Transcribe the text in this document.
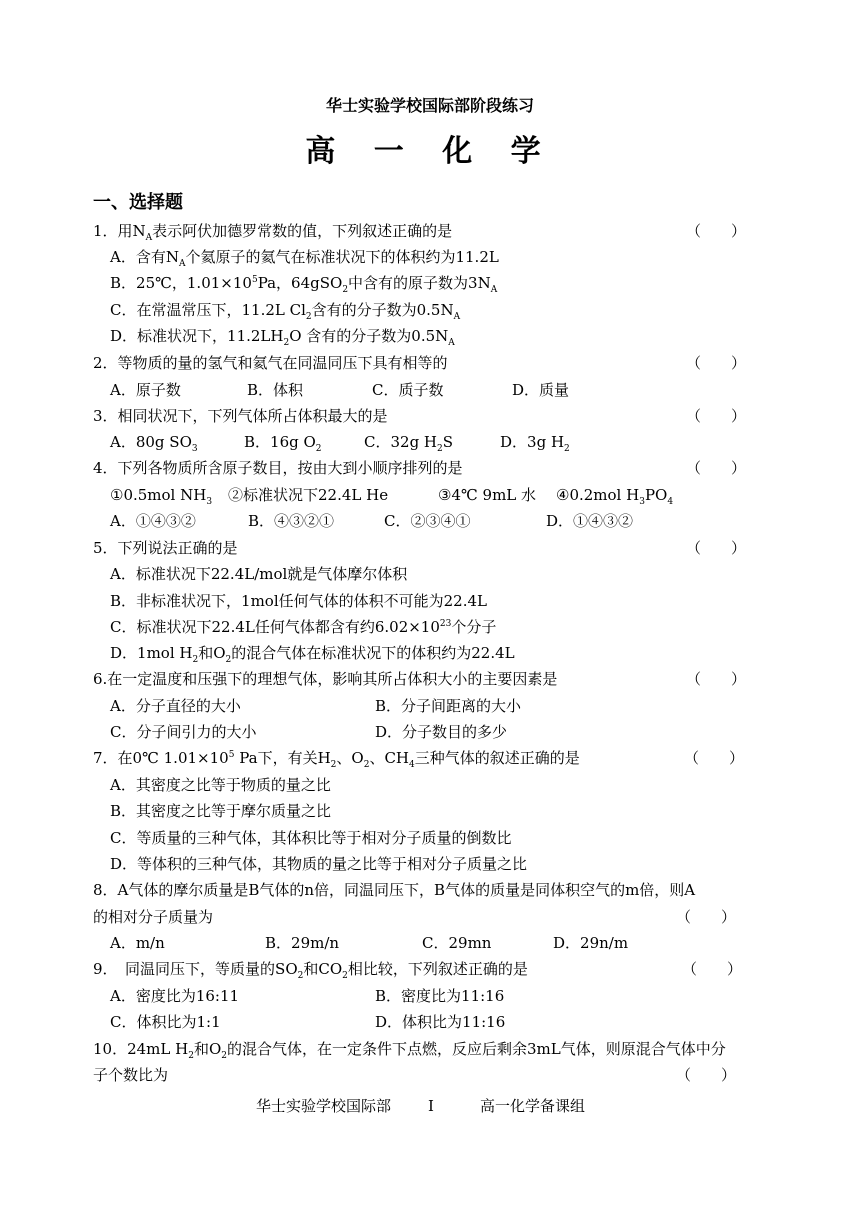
华士实验学校国际部阶段练习
高 一 化 学
一、选择题
1．用$N_A$表示阿伏加德罗常数的值，下列叙述正确的是	（　　）
A．含有$N_A$个氦原子的氦气在标准状况下的体积约为11.2L
B．25℃，$1.01\times 10^5Pa$，64gSO$_2$中含有的原子数为$3N_A$
C．在常温常压下，11.2L $Cl_2$含有的分子数为$0.5N_A$
D．标准状况下，$11.2LH_2O$ 含有的分子数为$0.5N_A$
2．等物质的量的氢气和氦气在同温同压下具有相等的	（　　）
A．原子数	B．体积	C．质子数	D．质量
3．相同状况下，下列气体所占体积最大的是	（　　）
A．80g $SO_3$	B．16g $O_2$	C．32g $H_2S$	D．3g $H_2$
4．下列各物质所含原子数目，按由大到小顺序排列的是	（　　）
①0.5mol $NH_3$ ②标准状况下22.4L He	③4℃ 9mL 水 ④0.2mol $H_3PO_4$
A．①④③②	B．④③②①	C．②③④①	D．①④③②
5．下列说法正确的是	（　　）
A．标准状况下22.4L/mol就是气体摩尔体积
B．非标准状况下，1mol任何气体的体积不可能为22.4L
C．标准状况下22.4L任何气体都含有约$6.02\times 10^{23}$个分子
D．1mol $H_2$和$O_2$的混合气体在标准状况下的体积约为22.4L
6.在一定温度和压强下的理想气体，影响其所占体积大小的主要因素是	（　　）
A．分子直径的大小	B．分子间距离的大小
C．分子间引力的大小	D．分子数目的多少
7．在0℃ $1.01\times 10^5$ Pa下，有关$H_2$、$O_2$、$CH_4$三种气体的叙述正确的是	（　　）
A．其密度之比等于物质的量之比
B．其密度之比等于摩尔质量之比
C．等质量的三种气体，其体积比等于相对分子质量的倒数比
D．等体积的三种气体，其物质的量之比等于相对分子质量之比
8．A气体的摩尔质量是B气体的n倍，同温同压下，B气体的质量是同体积空气的m倍，则A
的相对分子质量为	（　　）
A．m/n	B．29m/n	C．29mn	D．29n/m
9．　同温同压下，等质量的$SO_2$和$CO_2$相比较，下列叙述正确的是	（　　）
A．密度比为16:11	B．密度比为11:16
C．体积比为1:1	D．体积比为11:16
10．24mL $H_2$和$O_2$的混合气体，在一定条件下点燃，反应后剩余3mL气体，则原混合气体中分
子个数比为	（　　）
华士实验学校国际部 I	高一化学备课组
